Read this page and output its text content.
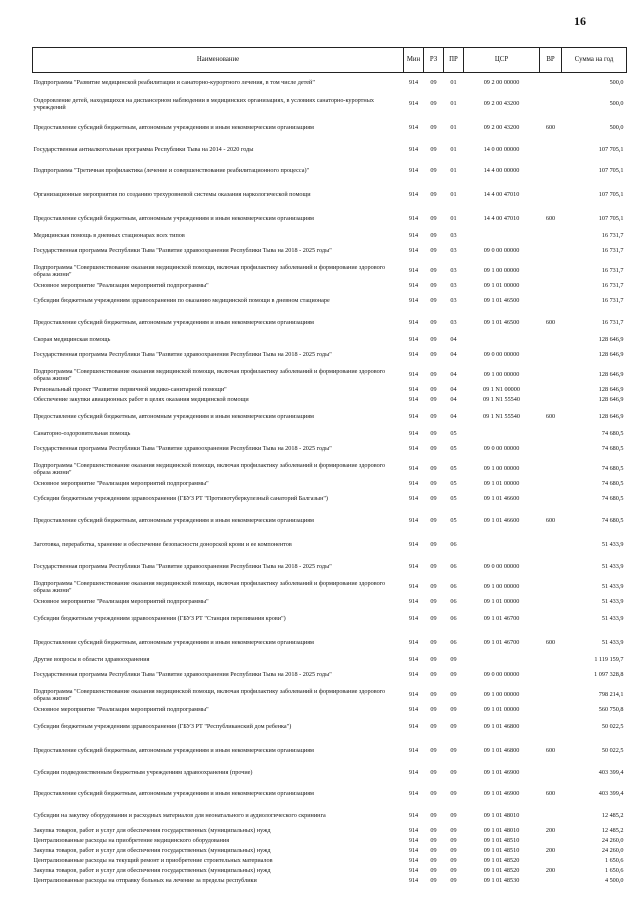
16
Наименование	Мин	РЗ	ПР	ЦСР	ВР	Сумма на год
Подпрограмма "Развитие медицинской реабилитации и санаторно-курортного лечения, в том числе детей"	914	09	01	09 2 00 00000		500,0
Оздоровление детей, находящихся на диспансерном наблюдении в медицинских организациях, в условиях санаторно-курортных учреждений	914	09	01	09 2 00 43200		500,0
Предоставление субсидий бюджетным, автономным учреждениям и иным некоммерческим организациям	914	09	01	09 2 00 43200	600	500,0
Государственная антиалкогольная программа Республики Тыва на 2014 - 2020 годы	914	09	01	14 0 00 00000		107 705,1
Подпрограмма "Третичная профилактика (лечение и совершенствование реабилитационного процесса)"	914	09	01	14 4 00 00000		107 705,1
Организационные мероприятия по созданию трехуровневой системы оказания наркологической помощи	914	09	01	14 4 00 47010		107 705,1
Предоставление субсидий бюджетным, автономным учреждениям и иным некоммерческим организациям	914	09	01	14 4 00 47010	600	107 705,1
Медицинская помощь в дневных стационарах всех типов	914	09	03			16 731,7
Государственная программа Республики Тыва "Развитие здравоохранения Республики Тыва на 2018 - 2025 годы"	914	09	03	09 0 00 00000		16 731,7
Подпрограмма "Совершенствование оказания медицинской помощи, включая профилактику заболеваний и формирование здорового образа жизни"	914	09	03	09 1 00 00000		16 731,7
Основное мероприятие "Реализация мероприятий подпрограммы"	914	09	03	09 1 01 00000		16 731,7
Субсидии бюджетным учреждениям здравоохранения по оказанию медицинской помощи в дневном стационаре	914	09	03	09 1 01 46500		16 731,7
Предоставление субсидий бюджетным, автономным учреждениям и иным некоммерческим организациям	914	09	03	09 1 01 46500	600	16 731,7
Скорая медицинская помощь	914	09	04			128 646,9
Государственная программа Республики Тыва "Развитие здравоохранения Республики Тыва на 2018 - 2025 годы"	914	09	04	09 0 00 00000		128 646,9
Подпрограмма "Совершенствование оказания медицинской помощи, включая профилактику заболеваний и формирование здорового образа жизни"	914	09	04	09 1 00 00000		128 646,9
Региональный проект "Развитие первичной медико-санитарной помощи"	914	09	04	09 1 N1 00000		128 646,9
Обеспечение закупки авиационных работ в целях оказания медицинской помощи	914	09	04	09 1 N1 55540		128 646,9
Предоставление субсидий бюджетным, автономным учреждениям и иным некоммерческим организациям	914	09	04	09 1 N1 55540	600	128 646,9
Санаторно-оздоровительная помощь	914	09	05			74 680,5
Государственная программа Республики Тыва "Развитие здравоохранения Республики Тыва на 2018 - 2025 годы"	914	09	05	09 0 00 00000		74 680,5
Подпрограмма "Совершенствование оказания медицинской помощи, включая профилактику заболеваний и формирование здорового образа жизни"	914	09	05	09 1 00 00000		74 680,5
Основное мероприятие "Реализация мероприятий подпрограммы"	914	09	05	09 1 01 00000		74 680,5
Субсидии бюджетным учреждениям здравоохранения (ГБУЗ РТ "Противотуберкулезный санаторий Балгазын")	914	09	05	09 1 01 46600		74 680,5
Предоставление субсидий бюджетным, автономным учреждениям и иным некоммерческим организациям	914	09	05	09 1 01 46600	600	74 680,5
Заготовка, переработка, хранение и обеспечение безопасности донорской крови и ее компонентов	914	09	06			51 433,9
Государственная программа Республики Тыва "Развитие здравоохранения Республики Тыва на 2018 - 2025 годы"	914	09	06	09 0 00 00000		51 433,9
Подпрограмма "Совершенствование оказания медицинской помощи, включая профилактику заболеваний и формирование здорового образа жизни"	914	09	06	09 1 00 00000		51 433,9
Основное мероприятие "Реализация мероприятий подпрограммы"	914	09	06	09 1 01 00000		51 433,9
Субсидии бюджетным учреждениям здравоохранения (ГБУЗ РТ "Станция переливания крови")	914	09	06	09 1 01 46700		51 433,9
Предоставление субсидий бюджетным, автономным учреждениям и иным некоммерческим организациям	914	09	06	09 1 01 46700	600	51 433,9
Другие вопросы в области здравоохранения	914	09	09			1 119 159,7
Государственная программа Республики Тыва "Развитие здравоохранения Республики Тыва на 2018 - 2025 годы"	914	09	09	09 0 00 00000		1 097 328,8
Подпрограмма "Совершенствование оказания медицинской помощи, включая профилактику заболеваний и формирование здорового образа жизни"	914	09	09	09 1 00 00000		798 214,1
Основное мероприятие "Реализация мероприятий подпрограммы"	914	09	09	09 1 01 00000		560 750,8
Субсидии бюджетным учреждениям здравоохранения (ГБУЗ РТ "Республиканский дом ребенка")	914	09	09	09 1 01 46800		50 022,5
Предоставление субсидий бюджетным, автономным учреждениям и иным некоммерческим организациям	914	09	09	09 1 01 46800	600	50 022,5
Субсидии подведомственным бюджетным учреждениям здравоохранения (прочие)	914	09	09	09 1 01 46900		403 399,4
Предоставление субсидий бюджетным, автономным учреждениям и иным некоммерческим организациям	914	09	09	09 1 01 46900	600	403 399,4
Субсидии на закупку оборудования и расходных материалов для неонатального и аудиологического скрининга	914	09	09	09 1 01 48010		12 485,2
Закупка товаров, работ и услуг для обеспечения государственных (муниципальных) нужд	914	09	09	09 1 01 48010	200	12 485,2
Централизованные расходы на приобретение медицинского оборудования	914	09	09	09 1 01 48510		24 260,0
Закупка товаров, работ и услуг для обеспечения государственных (муниципальных) нужд	914	09	09	09 1 01 48510	200	24 260,0
Централизованные расходы на текущий ремонт и приобретение строительных материалов	914	09	09	09 1 01 48520		1 650,6
Закупка товаров, работ и услуг для обеспечения государственных (муниципальных) нужд	914	09	09	09 1 01 48520	200	1 650,6
Централизованные расходы на отправку больных на лечение за пределы республики	914	09	09	09 1 01 48530		4 500,0
